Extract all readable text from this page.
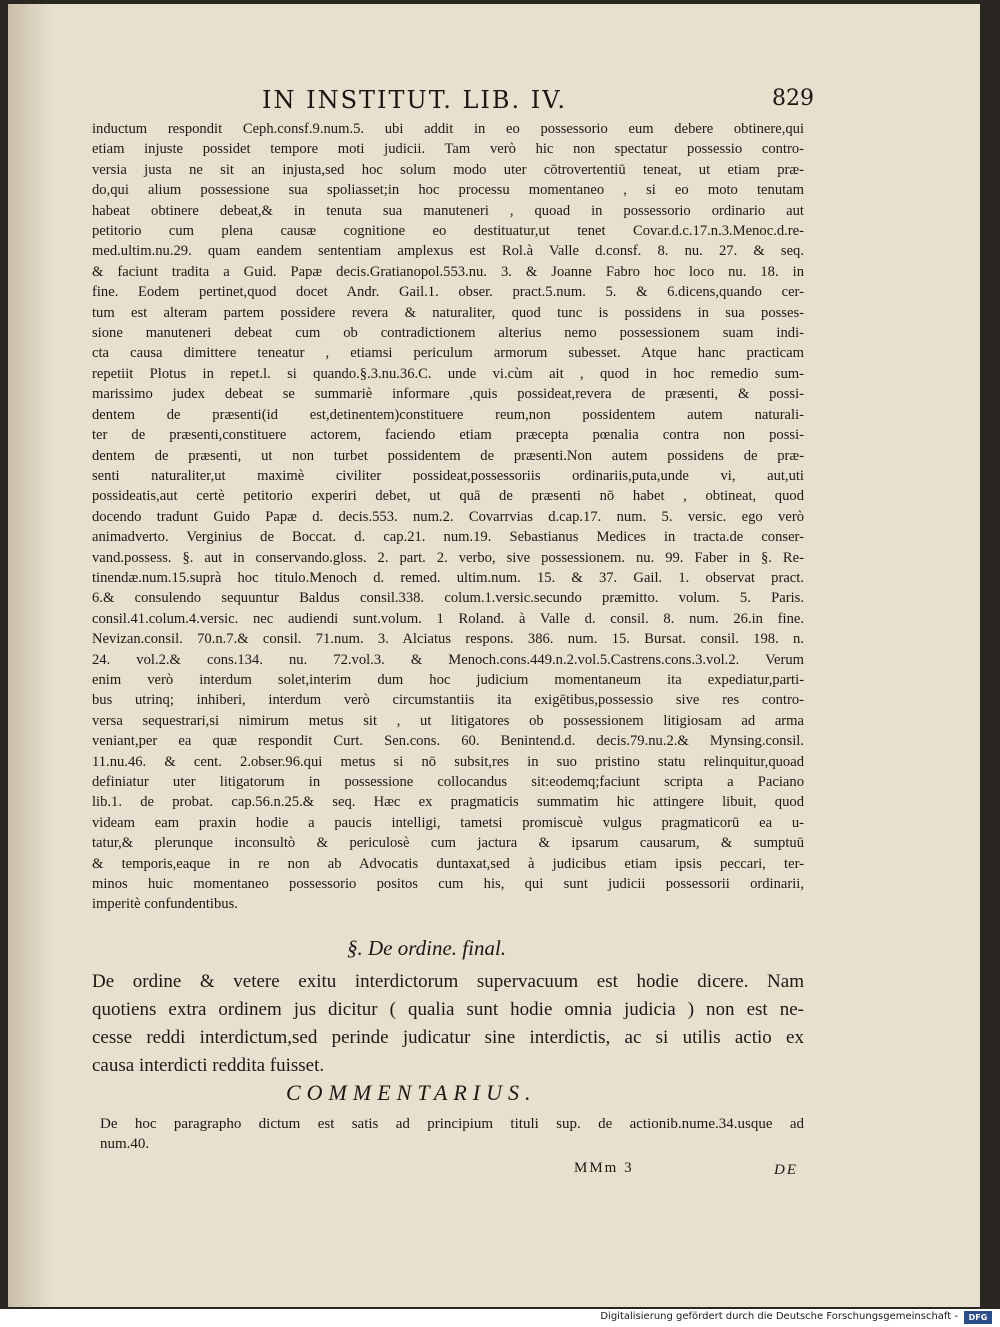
IN INSTITUT. LIB. IV.	829
inductum respondit Ceph.consf.9.num.5. ubi addit in eo possessorio eum debere obtinere,qui
etiam injuste possidet tempore moti judicii. Tam verò hic non spectatur possessio contro-
versia justa ne sit an injusta,sed hoc solum modo uter cōtrovertentiū teneat, ut etiam præ-
do,qui alium possessione sua spoliasset;in hoc processu momentaneo , si eo moto tenutam
habeat obtinere debeat,& in tenuta sua manuteneri , quoad in possessorio ordinario aut
petitorio cum plena causæ cognitione eo destituatur,ut tenet Covar.d.c.17.n.3.Menoc.d.re-
med.ultim.nu.29. quam eandem sententiam amplexus est Rol.à Valle d.consf. 8. nu. 27. & seq.
& faciunt tradita a Guid. Papæ decis.Gratianopol.553.nu. 3. & Joanne Fabro hoc loco nu. 18. in
fine. Eodem pertinet,quod docet Andr. Gail.1. obser. pract.5.num. 5. & 6.dicens,quando cer-
tum est alteram partem possidere revera & naturaliter, quod tunc is possidens in sua posses-
sione manuteneri debeat cum ob contradictionem alterius nemo possessionem suam indi-
cta causa dimittere teneatur , etiamsi periculum armorum subesset. Atque hanc practicam
repetiit Plotus in repet.l. si quando.§.3.nu.36.C. unde vi.cùm ait , quod in hoc remedio sum-
marissimo judex debeat se summariè informare ,quis possideat,revera de præsenti, & possi-
dentem de præsenti(id est,detinentem)constituere reum,non possidentem autem naturali-
ter de præsenti,constituere actorem, faciendo etiam præcepta pœnalia contra non possi-
dentem de præsenti, ut non turbet possidentem de præsenti.Non autem possidens de præ-
senti naturaliter,ut maximè civiliter possideat,possessoriis ordinariis,puta,unde vi, aut,uti
possideatis,aut certè petitorio experiri debet, ut quā de præsenti nō habet , obtineat, quod
docendo tradunt Guido Papæ d. decis.553. num.2. Covarrvias d.cap.17. num. 5. versic. ego verò
animadverto. Verginius de Boccat. d. cap.21. num.19. Sebastianus Medices in tracta.de conser-
vand.possess. §. aut in conservando.gloss. 2. part. 2. verbo, sive possessionem. nu. 99. Faber in §. Re-
tinendæ.num.15.suprà hoc titulo.Menoch d. remed. ultim.num. 15. & 37. Gail. 1. observat pract.
6.& consulendo sequuntur Baldus consil.338. colum.1.versic.secundo præmitto. volum. 5. Paris.
consil.41.colum.4.versic. nec audiendi sunt.volum. 1 Roland. à Valle d. consil. 8. num. 26.in fine.
Nevizan.consil. 70.n.7.& consil. 71.num. 3. Alciatus respons. 386. num. 15. Bursat. consil. 198. n.
24. vol.2.& cons.134. nu. 72.vol.3. & Menoch.cons.449.n.2.vol.5.Castrens.cons.3.vol.2. Verum
enim verò interdum solet,interim dum hoc judicium momentaneum ita expediatur,parti-
bus utrinq; inhiberi, interdum verò circumstantiis ita exigētibus,possessio sive res contro-
versa sequestrari,si nimirum metus sit , ut litigatores ob possessionem litigiosam ad arma
veniant,per ea quæ respondit Curt. Sen.cons. 60. Benintend.d. decis.79.nu.2.& Mynsing.consil.
11.nu.46. & cent. 2.obser.96.qui metus si nō subsit,res in suo pristino statu relinquitur,quoad
definiatur uter litigatorum in possessione collocandus sit:eodemq;faciunt scripta a Paciano
lib.1. de probat. cap.56.n.25.& seq. Hæc ex pragmaticis summatim hic attingere libuit, quod
videam eam praxin hodie a paucis intelligi, tametsi promiscuè vulgus pragmaticorū ea u-
tatur,& plerunque inconsultò & periculosè cum jactura & ipsarum causarum, & sumptuū
& temporis,eaque in re non ab Advocatis duntaxat,sed à judicibus etiam ipsis peccari, ter-
minos huic momentaneo possessorio positos cum his, qui sunt judicii possessorii ordinarii,
imperitè confundentibus.
§. De ordine. final.
De ordine & vetere exitu interdictorum supervacuum est hodie dicere. Nam
quotiens extra ordinem jus dicitur ( qualia sunt hodie omnia judicia ) non est ne-
cesse reddi interdictum,sed perinde judicatur sine interdictis, ac si utilis actio ex
causa interdicti reddita fuisset.
COMMENTARIUS.
De hoc paragrapho dictum est satis ad principium tituli sup. de actionib.nume.34.usque ad
num.40.
MMm 3	DE
Digitalisierung gefördert durch die Deutsche Forschungsgemeinschaft -	DFG
